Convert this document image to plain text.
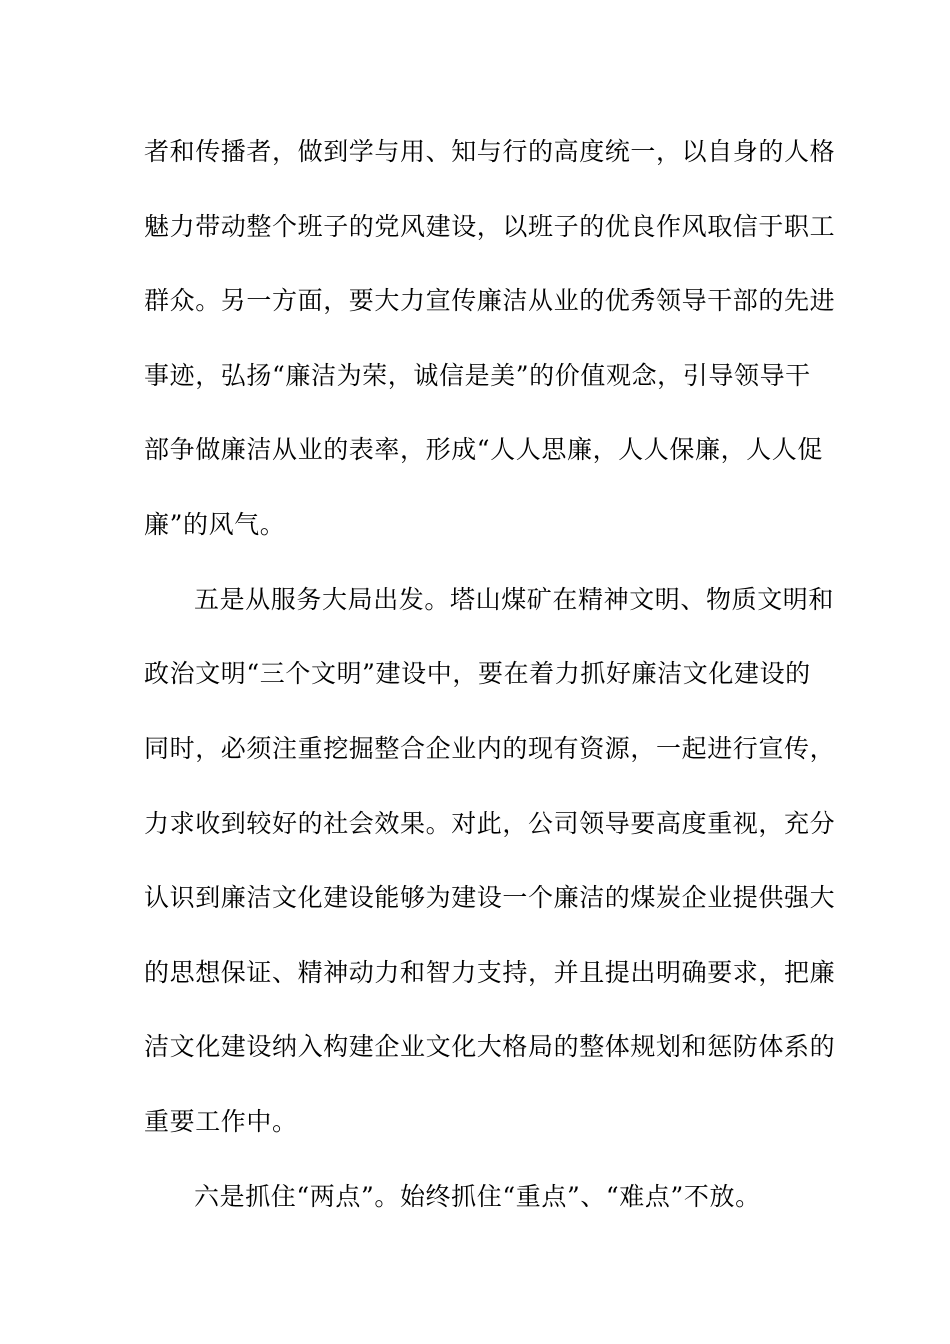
者和传播者，做到学与用、知与行的高度统一，以自身的人格
魅力带动整个班子的党风建设，以班子的优良作风取信于职工
群众。另一方面，要大力宣传廉洁从业的优秀领导干部的先进
事迹，弘扬“廉洁为荣，诚信是美”的价值观念，引导领导干
部争做廉洁从业的表率，形成“人人思廉，人人保廉，人人促
廉”的风气。
五是从服务大局出发。塔山煤矿在精神文明、物质文明和
政治文明“三个文明”建设中，要在着力抓好廉洁文化建设的
同时，必须注重挖掘整合企业内的现有资源，一起进行宣传，
力求收到较好的社会效果。对此，公司领导要高度重视，充分
认识到廉洁文化建设能够为建设一个廉洁的煤炭企业提供强大
的思想保证、精神动力和智力支持，并且提出明确要求，把廉
洁文化建设纳入构建企业文化大格局的整体规划和惩防体系的
重要工作中。
六是抓住“两点”。始终抓住“重点”、“难点”不放。
